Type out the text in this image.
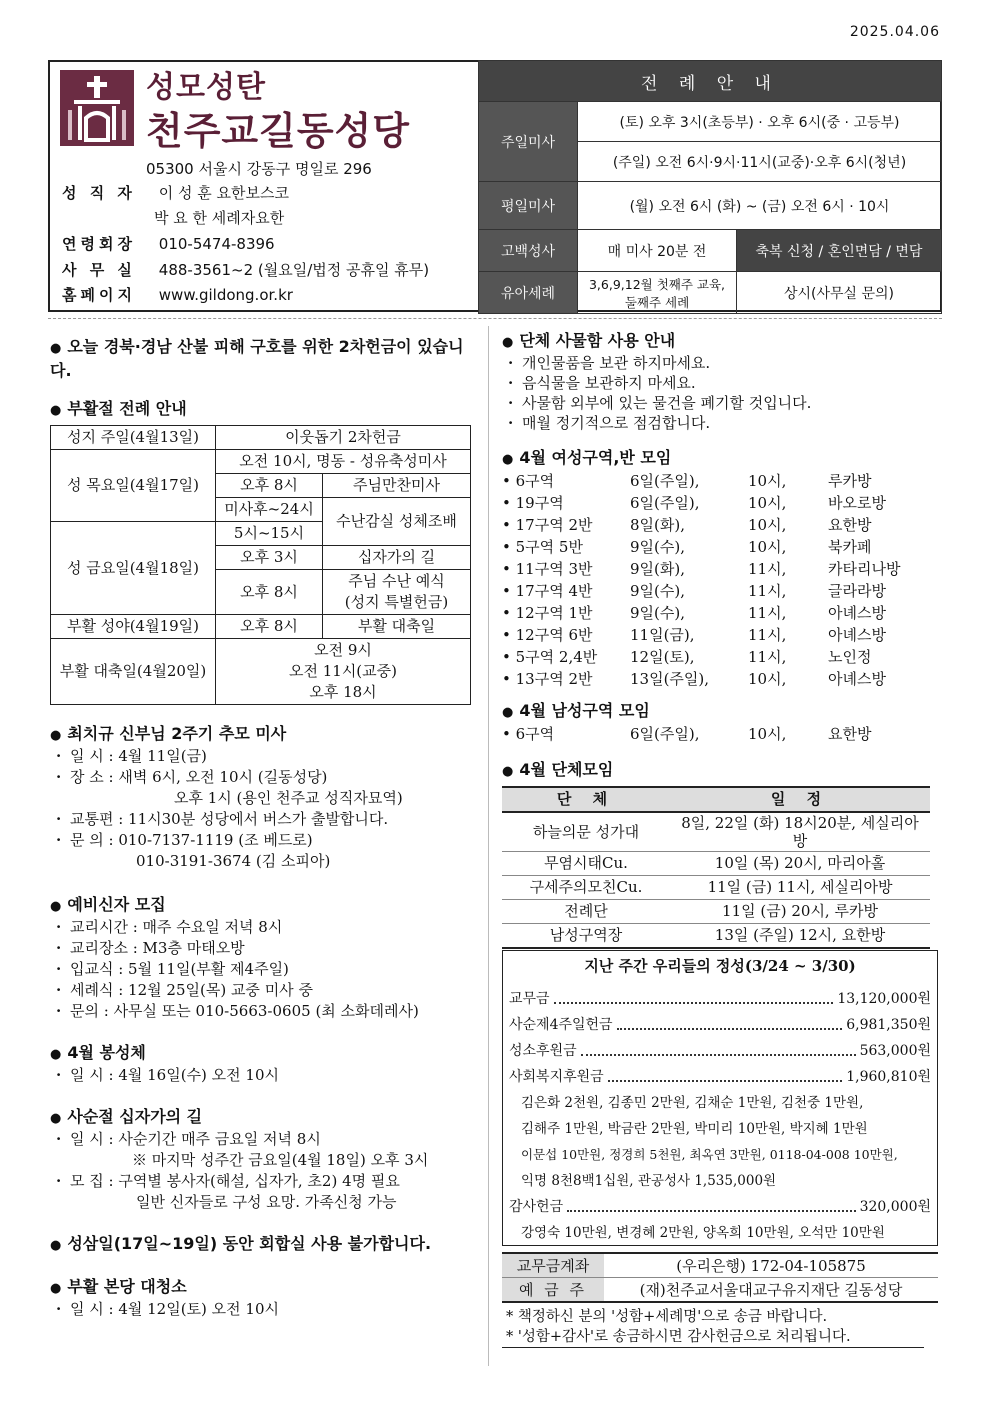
2025.04.06
성모성탄
천주교길동성당
05300 서울시 강동구 명일로 296
성 직 자 이 성 훈 요한보스코
박 요 한 세례자요한
연령회장 010-5474-8396
사 무 실 488-3561~2 (월요일/법정 공휴일 휴무)
홈페이지 www.gildong.or.kr
전 례 안 내		
주일미사	(토) 오후 3시(초등부) · 오후 6시(중 · 고등부)	
	(주일) 오전 6시·9시·11시(교중)·오후 6시(청년)	
평일미사	(월) 오전 6시 (화) ~ (금) 오전 6시 · 10시	
고백성사	매 미사 20분 전	축복 신청 / 혼인면담 / 면담
유아세례	3,6,9,12월 첫째주 교육, 둘째주 세례	상시(사무실 문의)
● 오늘 경북·경남 산불 피해 구호를 위한 2차헌금이 있습니다.
● 부활절 전례 안내
성지 주일(4월13일)	이웃돕기 2차헌금	
성 목요일(4월17일)	오전 10시, 명동 - 성유축성미사	
	오후 8시	주님만찬미사
	미사후~24시	수난감실 성체조배
성 금요일(4월18일)	5시~15시	
	오후 3시	십자가의 길
	오후 8시	주님 수난 예식
(성지 특별헌금)

부활 성야(4월19일)	오후 8시	부활 대축일
부활 대축일(4월20일)	오전 9시
오전 11시(교중)
오후 18시	
● 최치규 신부님 2주기 추모 미사
· 일 시 : 4월 11일(금)
· 장 소 : 새벽 6시, 오전 10시 (길동성당)
오후 1시 (용인 천주교 성직자묘역)
· 교통편 : 11시30분 성당에서 버스가 출발합니다.
· 문 의 : 010-7137-1119 (조 베드로)
010-3191-3674 (김 소피아)
● 예비신자 모집
· 교리시간 : 매주 수요일 저녁 8시
· 교리장소 : M3층 마태오방
· 입교식 : 5월 11일(부활 제4주일)
· 세례식 : 12월 25일(목) 교중 미사 중
· 문의 : 사무실 또는 010-5663-0605 (최 소화데레사)
● 4월 봉성체
· 일 시 : 4월 16일(수) 오전 10시
● 사순절 십자가의 길
· 일 시 : 사순기간 매주 금요일 저녁 8시
※ 마지막 성주간 금요일(4월 18일) 오후 3시
· 모 집 : 구역별 봉사자(해설, 십자가, 초2) 4명 필요
일반 신자들로 구성 요망. 가족신청 가능
● 성삼일(17일~19일) 동안 회합실 사용 불가합니다.
● 부활 본당 대청소
· 일 시 : 4월 12일(토) 오전 10시
● 단체 사물함 사용 안내
· 개인물품을 보관 하지마세요.
· 음식물을 보관하지 마세요.
· 사물함 외부에 있는 물건을 폐기할 것입니다.
· 매월 정기적으로 점검합니다.
● 4월 여성구역,반 모임
• 6구역	6일(주일),	10시,	루카방
• 19구역	6일(주일),	10시,	바오로방
• 17구역 2반	8일(화),	10시,	요한방
• 5구역 5반	9일(수),	10시,	북카페
• 11구역 3반	9일(화),	11시,	카타리나방
• 17구역 4반	9일(수),	11시,	글라라방
• 12구역 1반	9일(수),	11시,	아녜스방
• 12구역 6반	11일(금),	11시,	아녜스방
• 5구역 2,4반	12일(토),	11시,	노인정
• 13구역 2반	13일(주일),	10시,	아녜스방
● 4월 남성구역 모임
• 6구역	6일(주일),	10시,	요한방
● 4월 단체모임
단 체	일 정
하늘의문 성가대	8일, 22일 (화) 18시20분, 세실리아방
무염시태Cu.	10일 (목) 20시, 마리아홀
구세주의모친Cu.	11일 (금) 11시, 세실리아방
전례단	11일 (금) 20시, 루카방
남성구역장	13일 (주일) 12시, 요한방
지난 주간 우리들의 정성(3/24 ~ 3/30)
교무금	13,120,000원
사순제4주일헌금	6,981,350원
성소후원금	563,000원
사회복지후원금	1,960,810원
김은화 2천원, 김종민 2만원, 김채순 1만원, 김천중 1만원,
김해주 1만원, 박금란 2만원, 박미리 10만원, 박지혜 1만원
이문섭 10만원, 정경희 5천원, 최옥연 3만원, 0118-04-008 10만원,
익명 8천8백1십원, 관공성사 1,535,000원
감사헌금	320,000원
강영숙 10만원, 변경혜 2만원, 양옥희 10만원, 오석만 10만원
교무금계좌	(우리은행) 172-04-105875
예 금 주	(재)천주교서울대교구유지재단 길동성당
* 책정하신 분의 '성함+세례명'으로 송금 바랍니다.
* '성함+감사'로 송금하시면 감사헌금으로 처리됩니다.
